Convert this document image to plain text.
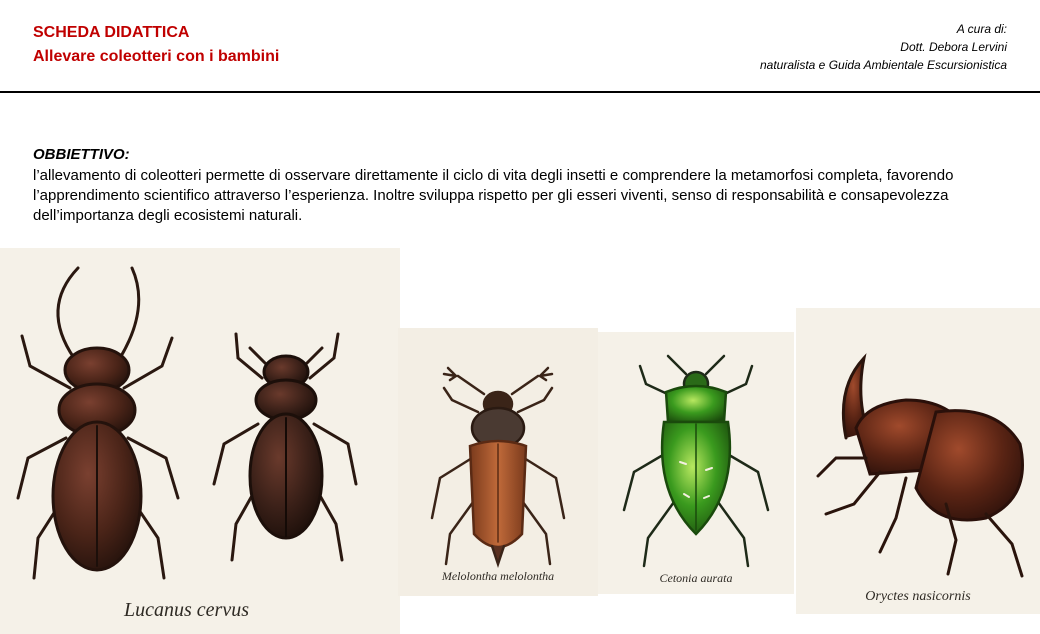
SCHEDA DIDATTICA
Allevare coleotteri con i bambini
A cura di:
Dott. Debora Lervini
naturalista e Guida Ambientale Escursionistica
OBBIETTIVO:
l’allevamento di coleotteri permette di osservare direttamente il ciclo di vita degli insetti e comprendere la metamorfosi completa, favorendo l’apprendimento scientifico attraverso l’esperienza. Inoltre sviluppa rispetto per gli esseri viventi, senso di responsabilità e consapevolezza dell’importanza degli ecosistemi naturali.
Lucanus cervus
Melolontha melolontha	Cetonia aurata
Oryctes nasicornis
